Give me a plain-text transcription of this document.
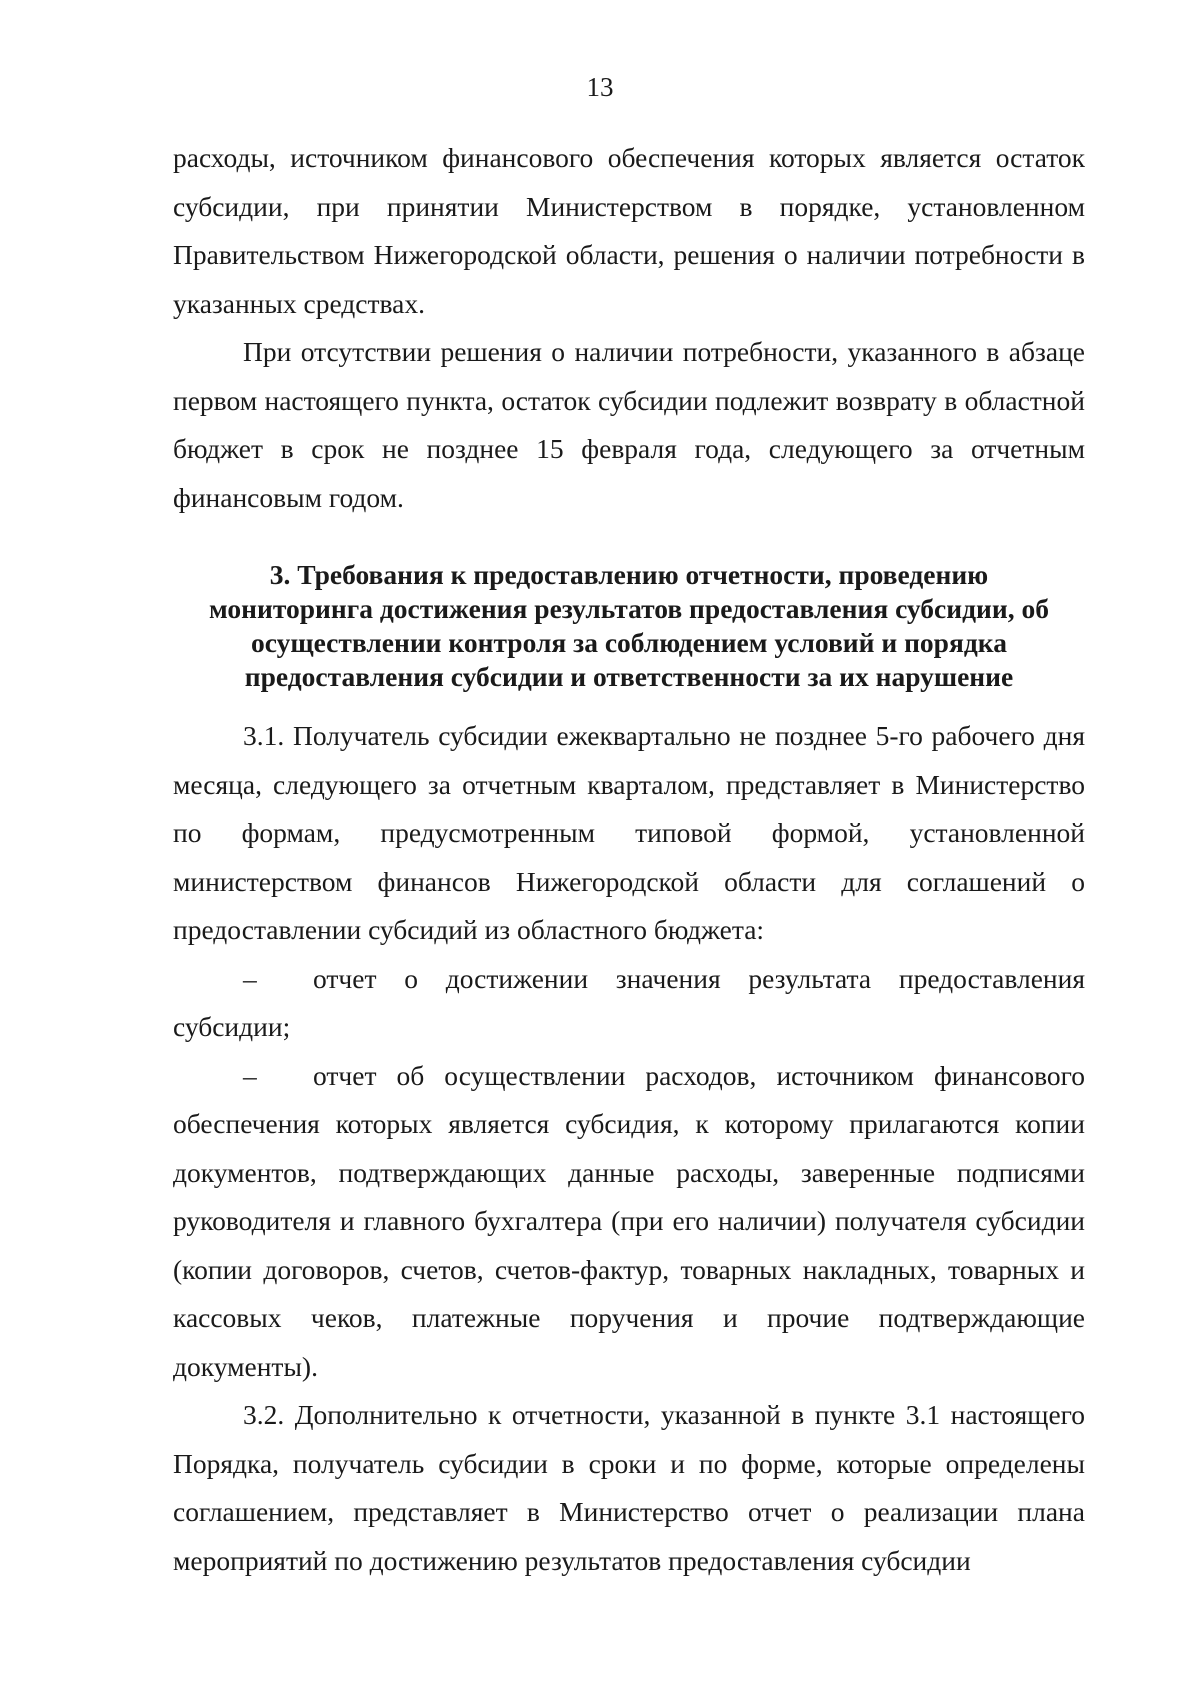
13

расходы, источником финансового обеспечения которых является остаток субсидии, при принятии Министерством в порядке, установленном Правительством Нижегородской области, решения о наличии потребности в указанных средствах.

При отсутствии решения о наличии потребности, указанного в абзаце первом настоящего пункта, остаток субсидии подлежит возврату в областной бюджет в срок не позднее 15 февраля года, следующего за отчетным финансовым годом.

3. Требования к предоставлению отчетности, проведению
мониторинга достижения результатов предоставления субсидии, об
осуществлении контроля за соблюдением условий и порядка
предоставления субсидии и ответственности за их нарушение

3.1. Получатель субсидии ежеквартально не позднее 5-го рабочего дня месяца, следующего за отчетным кварталом, представляет в Министерство по формам, предусмотренным типовой формой, установленной министерством финансов Нижегородской области для соглашений о предоставлении субсидий из областного бюджета:

– отчет о достижении значения результата предоставления субсидии;

– отчет об осуществлении расходов, источником финансового обеспечения которых является субсидия, к которому прилагаются копии документов, подтверждающих данные расходы, заверенные подписями руководителя и главного бухгалтера (при его наличии) получателя субсидии (копии договоров, счетов, счетов-фактур, товарных накладных, товарных и кассовых чеков, платежные поручения и прочие подтверждающие документы).

3.2. Дополнительно к отчетности, указанной в пункте 3.1 настоящего Порядка, получатель субсидии в сроки и по форме, которые определены соглашением, представляет в Министерство отчет о реализации плана мероприятий по достижению результатов предоставления субсидии
